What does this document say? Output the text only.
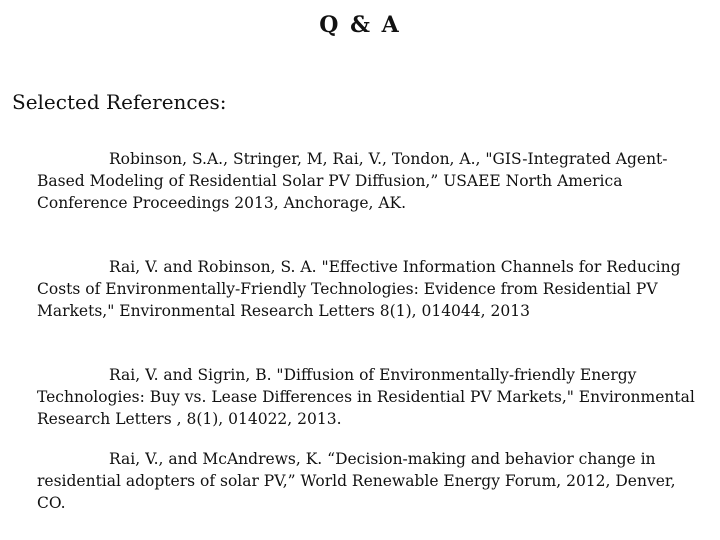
Q & A
Selected References:

Robinson, S.A., Stringer, M, Rai, V., Tondon, A., "GIS-Integrated Agent-Based Modeling of Residential Solar PV Diffusion,” USAEE North America Conference Proceedings 2013, Anchorage, AK.

Rai, V. and Robinson, S. A. "Effective Information Channels for Reducing Costs of Environmentally-Friendly Technologies: Evidence from Residential PV Markets," Environmental Research Letters 8(1), 014044, 2013

Rai, V. and Sigrin, B. "Diffusion of Environmentally-friendly Energy Technologies: Buy vs. Lease Differences in Residential PV Markets," Environmental Research Letters , 8(1), 014022, 2013.

Rai, V., and McAndrews, K. “Decision-making and behavior change in residential adopters of solar PV,” World Renewable Energy Forum, 2012, Denver, CO.
